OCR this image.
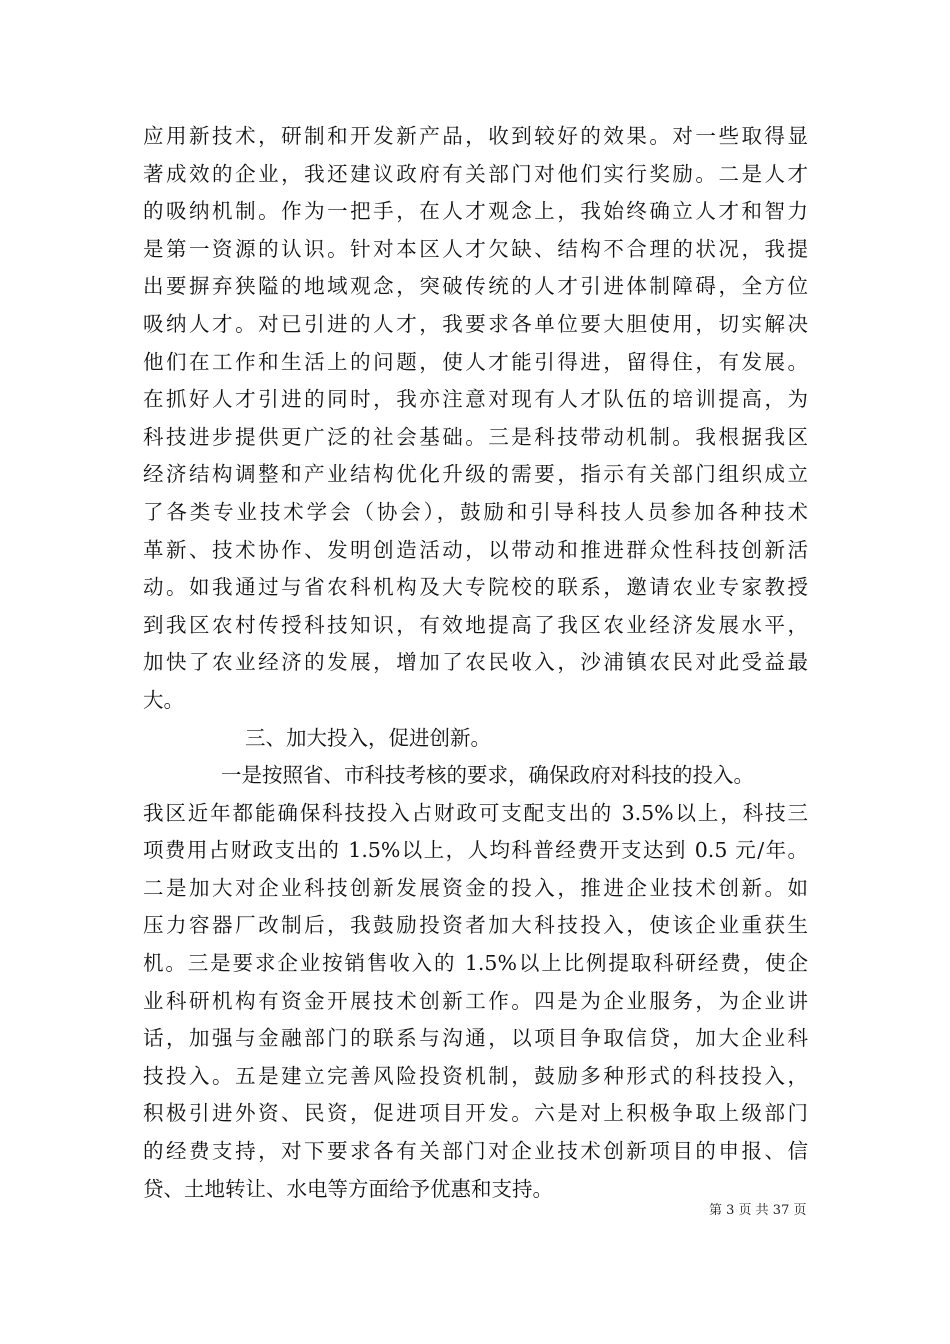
应用新技术，研制和开发新产品，收到较好的效果。对一些取得显
著成效的企业，我还建议政府有关部门对他们实行奖励。二是人才
的吸纳机制。作为一把手，在人才观念上，我始终确立人才和智力
是第一资源的认识。针对本区人才欠缺、结构不合理的状况，我提
出要摒弃狭隘的地域观念，突破传统的人才引进体制障碍，全方位
吸纳人才。对已引进的人才，我要求各单位要大胆使用，切实解决
他们在工作和生活上的问题，使人才能引得进，留得住，有发展。
在抓好人才引进的同时，我亦注意对现有人才队伍的培训提高，为
科技进步提供更广泛的社会基础。三是科技带动机制。我根据我区
经济结构调整和产业结构优化升级的需要，指示有关部门组织成立
了各类专业技术学会（协会），鼓励和引导科技人员参加各种技术
革新、技术协作、发明创造活动，以带动和推进群众性科技创新活
动。如我通过与省农科机构及大专院校的联系，邀请农业专家教授
到我区农村传授科技知识，有效地提高了我区农业经济发展水平，
加快了农业经济的发展，增加了农民收入，沙浦镇农民对此受益最
大。
三、加大投入，促进创新。
一是按照省、市科技考核的要求，确保政府对科技的投入。
我区近年都能确保科技投入占财政可支配支出的 3.5%以上，科技三
项费用占财政支出的 1.5%以上，人均科普经费开支达到 0.5 元/年。
二是加大对企业科技创新发展资金的投入，推进企业技术创新。如
压力容器厂改制后，我鼓励投资者加大科技投入，使该企业重获生
机。三是要求企业按销售收入的 1.5%以上比例提取科研经费，使企
业科研机构有资金开展技术创新工作。四是为企业服务，为企业讲
话，加强与金融部门的联系与沟通，以项目争取信贷，加大企业科
技投入。五是建立完善风险投资机制，鼓励多种形式的科技投入，
积极引进外资、民资，促进项目开发。六是对上积极争取上级部门
的经费支持，对下要求各有关部门对企业技术创新项目的申报、信
贷、土地转让、水电等方面给予优惠和支持。
第 3 页 共 37 页
